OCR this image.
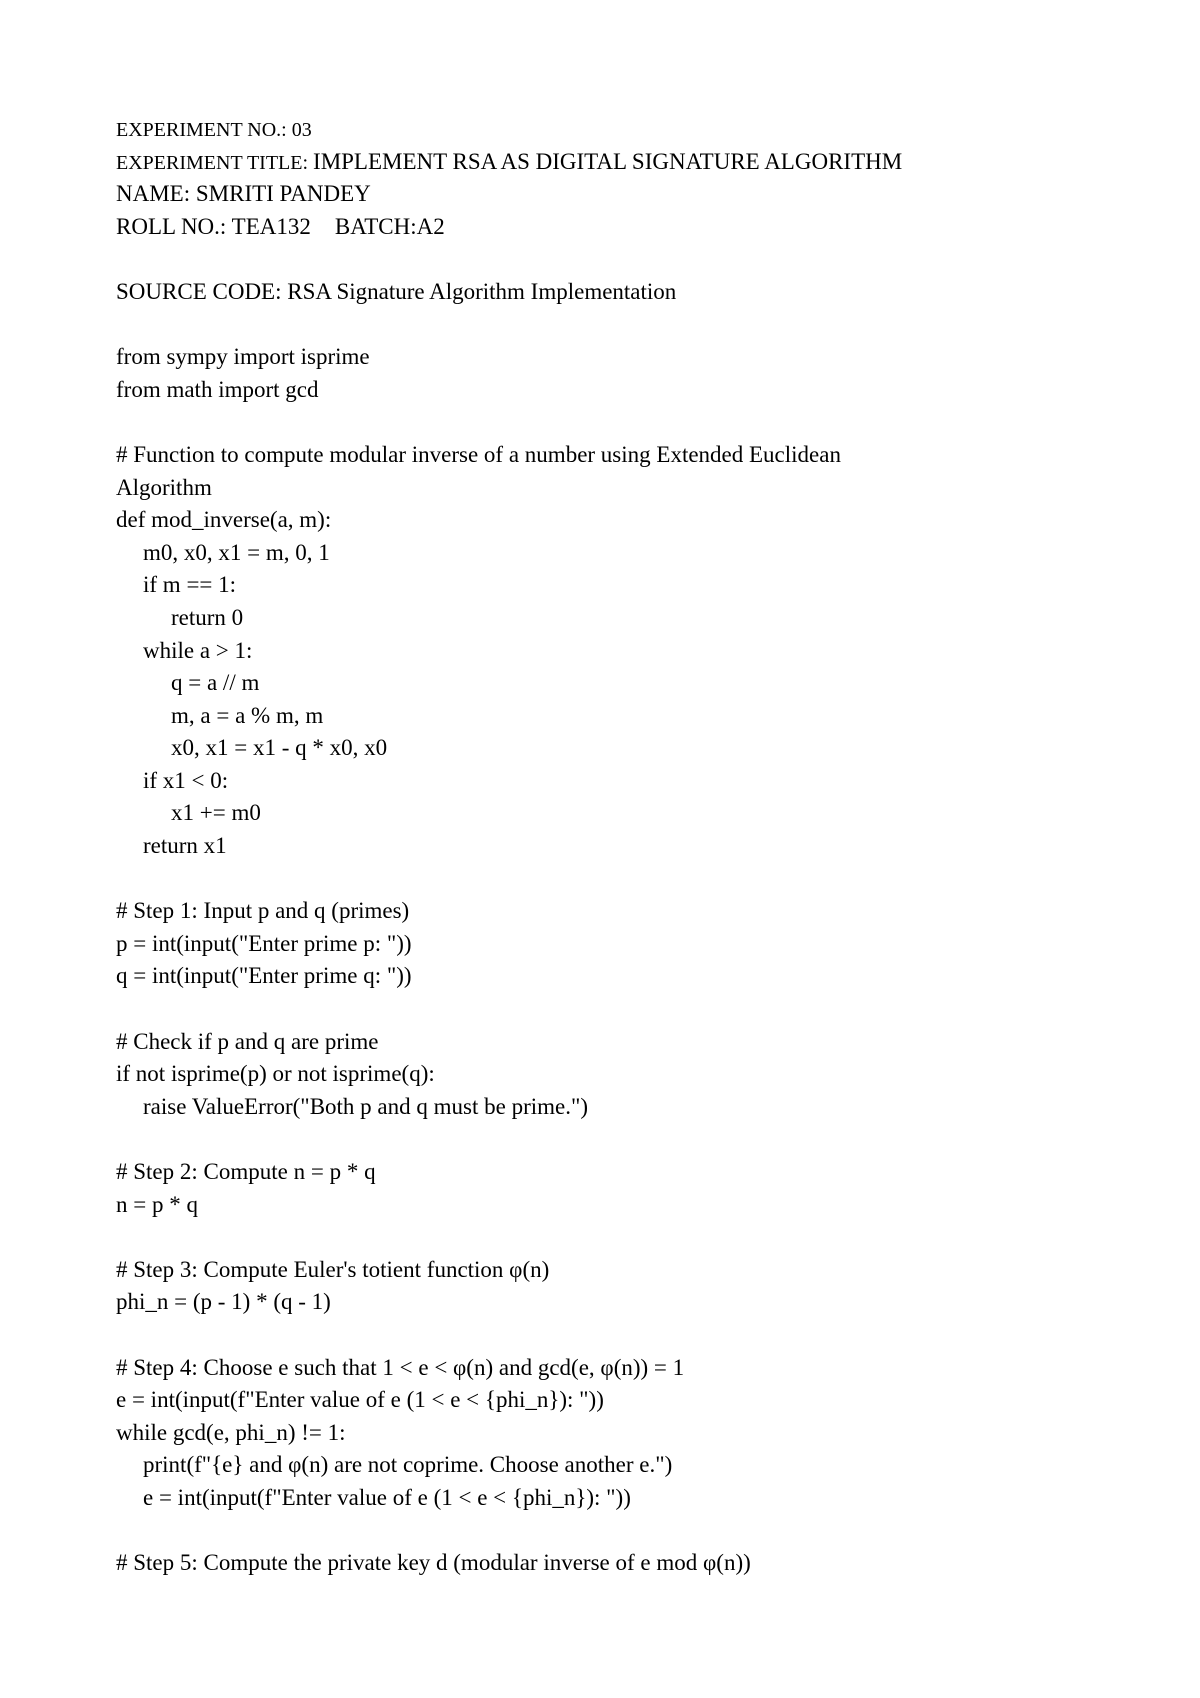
EXPERIMENT NO.: 03
EXPERIMENT TITLE: IMPLEMENT RSA AS DIGITAL SIGNATURE ALGORITHM
NAME: SMRITI PANDEY
ROLL NO.: TEA132 BATCH:A2
SOURCE CODE: RSA Signature Algorithm Implementation
from sympy import isprime
from math import gcd
# Function to compute modular inverse of a number using Extended Euclidean
Algorithm
def mod_inverse(a, m):
m0, x0, x1 = m, 0, 1
if m == 1:
return 0
while a > 1:
q = a // m
m, a = a % m, m
x0, x1 = x1 - q * x0, x0
if x1 < 0:
x1 += m0
return x1
# Step 1: Input p and q (primes)
p = int(input("Enter prime p: "))
q = int(input("Enter prime q: "))
# Check if p and q are prime
if not isprime(p) or not isprime(q):
raise ValueError("Both p and q must be prime.")
# Step 2: Compute n = p * q
n = p * q
# Step 3: Compute Euler's totient function φ(n)
phi_n = (p - 1) * (q - 1)
# Step 4: Choose e such that 1 < e < φ(n) and gcd(e, φ(n)) = 1
e = int(input(f"Enter value of e (1 < e < {phi_n}): "))
while gcd(e, phi_n) != 1:
print(f"{e} and φ(n) are not coprime. Choose another e.")
e = int(input(f"Enter value of e (1 < e < {phi_n}): "))
# Step 5: Compute the private key d (modular inverse of e mod φ(n))
